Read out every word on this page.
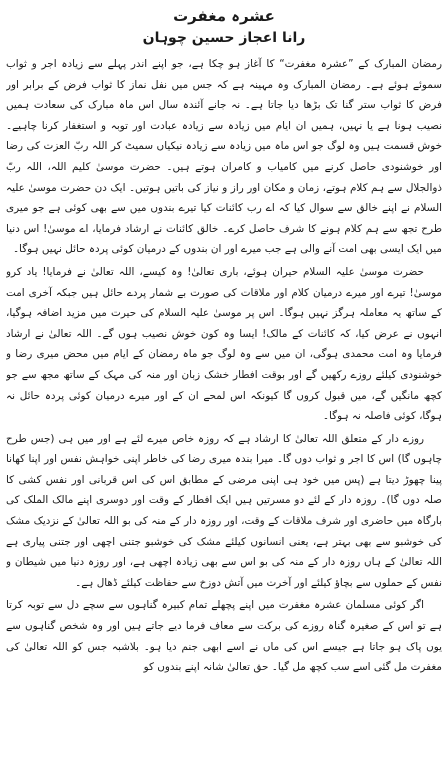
عشرہ مغفرت
رانا اعجاز حسین چوہان

رمضان المبارک کے ”عشرہ مغفرت“ کا آغاز ہو چکا ہے، جو اپنے اندر پہلے سے زیادہ اجر و ثواب سموئے ہوئے ہے۔ رمضان المبارک وہ مہینہ ہے کہ جس میں نفل نماز کا ثواب فرض کے برابر اور فرض کا ثواب ستر گنا تک بڑھا دیا جاتا ہے۔ نہ جانے آئندہ سال اس ماہ مبارک کی سعادت ہمیں نصیب ہونا ہے یا نہیں، ہمیں ان ایام میں زیادہ سے زیادہ عبادت اور توبہ و استغفار کرنا چاہیے۔ خوش قسمت ہیں وہ لوگ جو اس ماہ میں زیادہ سے زیادہ نیکیاں سمیٹ کر اللہ ربّ العزت کی رضا اور خوشنودی حاصل کرنے میں کامیاب و کامران ہوتے ہیں۔ حضرت موسیٰ کلیم اللہ، اللہ ربّ ذوالجلال سے ہم کلام ہوتے، زمان و مکان اور راز و نیاز کی باتیں ہوتیں۔ ایک دن حضرت موسیٰ علیہ السلام نے اپنے خالق سے سوال کیا کہ اے رب کائنات کیا تیرے بندوں میں سے بھی کوئی ہے جو میری طرح تجھ سے ہم کلام ہونے کا شرف حاصل کرے۔ خالق کائنات نے ارشاد فرمایا، اے موسیٰ! اس دنیا میں ایک ایسی بھی امت آنے والی ہے جب میرے اور ان بندوں کے درمیان کوئی پردہ حائل نہیں ہوگا۔

حضرت موسیٰ علیہ السلام حیران ہوئے، باری تعالیٰ! وہ کیسے، اللہ تعالیٰ نے فرمایا! یاد کرو موسیٰ! تیرے اور میرے درمیان کلام اور ملاقات کی صورت بے شمار پردے حائل ہیں جبکہ آخری امت کے ساتھ یہ معاملہ ہرگز نہیں ہوگا۔ اس پر موسیٰ علیہ السلام کی حیرت میں مزید اضافہ ہوگیا، انہوں نے عرض کیا، کہ کائنات کے مالک! ایسا وہ کون خوش نصیب ہوں گے۔ اللہ تعالیٰ نے ارشاد فرمایا وہ امت محمدی ہوگی، ان میں سے وہ لوگ جو ماہ رمضان کے ایام میں محض میری رضا و خوشنودی کیلئے روزے رکھیں گے اور بوقت افطار خشک زبان اور منہ کی مہک کے ساتھ مجھ سے جو کچھ مانگیں گے، میں قبول کروں گا کیونکہ اس لمحے ان کے اور میرے درمیان کوئی پردہ حائل نہ ہوگا، کوئی فاصلہ نہ ہوگا۔

روزے دار کے متعلق اللہ تعالیٰ کا ارشاد ہے کہ روزہ خاص میرے لئے ہے اور میں ہی (جس طرح چاہوں گا) اس کا اجر و ثواب دوں گا۔ میرا بندہ میری رضا کی خاطر اپنی خواہش نفس اور اپنا کھانا پینا چھوڑ دیتا ہے (پس میں خود ہی اپنی مرضی کے مطابق اس کی اس قربانی اور نفس کشی کا صلہ دوں گا)۔ روزہ دار کے لئے دو مسرتیں ہیں ایک افطار کے وقت اور دوسری اپنے مالک الملک کی بارگاہ میں حاضری اور شرف ملاقات کے وقت، اور روزہ دار کے منہ کی بو اللہ تعالیٰ کے نزدیک مشک کی خوشبو سے بھی بہتر ہے، یعنی انسانوں کیلئے مشک کی خوشبو جتنی اچھی اور جتنی پیاری ہے اللہ تعالیٰ کے ہاں روزہ دار کے منہ کی بو اس سے بھی زیادہ اچھی ہے، اور روزہ دنیا میں شیطان و نفس کے حملوں سے بچاؤ کیلئے اور آخرت میں آتش دوزخ سے حفاظت کیلئے ڈھال ہے۔

اگر کوئی مسلمان عشرہ مغفرت میں اپنے پچھلے تمام کبیرہ گناہوں سے سچے دل سے توبہ کرتا ہے تو اس کے صغیرہ گناہ روزے کی برکت سے معاف فرما دیے جاتے ہیں اور وہ شخص گناہوں سے یوں پاک ہو جاتا ہے جیسے اس کی ماں نے اسے ابھی جنم دیا ہو۔ بلاشبہ جس کو اللہ تعالیٰ کی مغفرت مل گئی اسے سب کچھ مل گیا۔ حق تعالیٰ شانہ اپنے بندوں کو
